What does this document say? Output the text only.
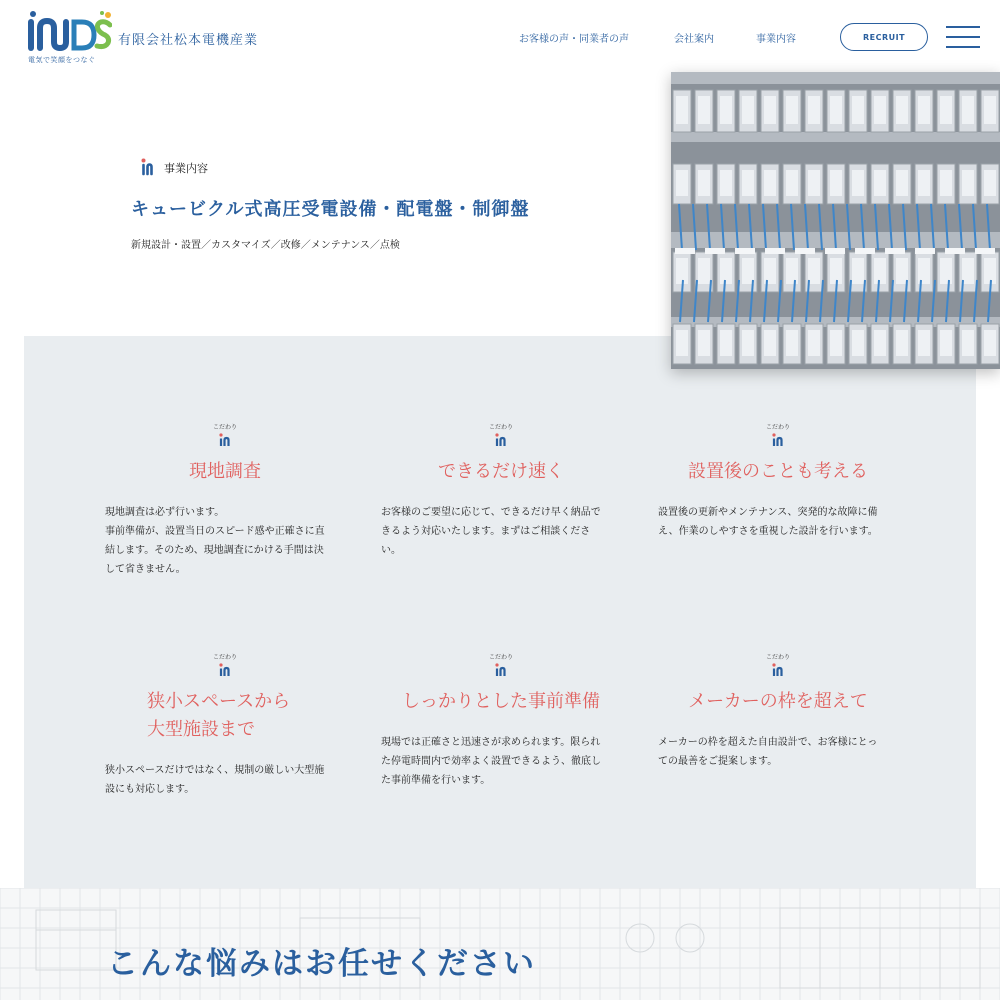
電気で笑顔をつなぐ
有限会社松本電機産業	お客様の声・同業者の声	会社案内	事業内容	RECRUIT
事業内容
キュービクル式高圧受電設備・配電盤・制御盤

新規設計・設置／カスタマイズ／改修／メンテナンス／点検

こだわり
現地調査
現地調査は必ず行います。
事前準備が、設置当日のスピード感や正確さに直
結します。そのため、現地調査にかける手間は決
して省きません。
こだわり
できるだけ速く
お客様のご要望に応じて、できるだけ早く納品で
きるよう対応いたします。まずはご相談くださ
い。
こだわり
設置後のことも考える
設置後の更新やメンテナンス、突発的な故障に備
え、作業のしやすさを重視した設計を行います。
こだわり
狭小スペースから
大型施設まで
狭小スペースだけではなく、規制の厳しい大型施
設にも対応します。
こだわり
しっかりとした事前準備
現場では正確さと迅速さが求められます。限られ
た停電時間内で効率よく設置できるよう、徹底し
た事前準備を行います。
こだわり
メーカーの枠を超えて
メーカーの枠を超えた自由設計で、お客様にとっ
ての最善をご提案します。
こんな悩みはお任せください
